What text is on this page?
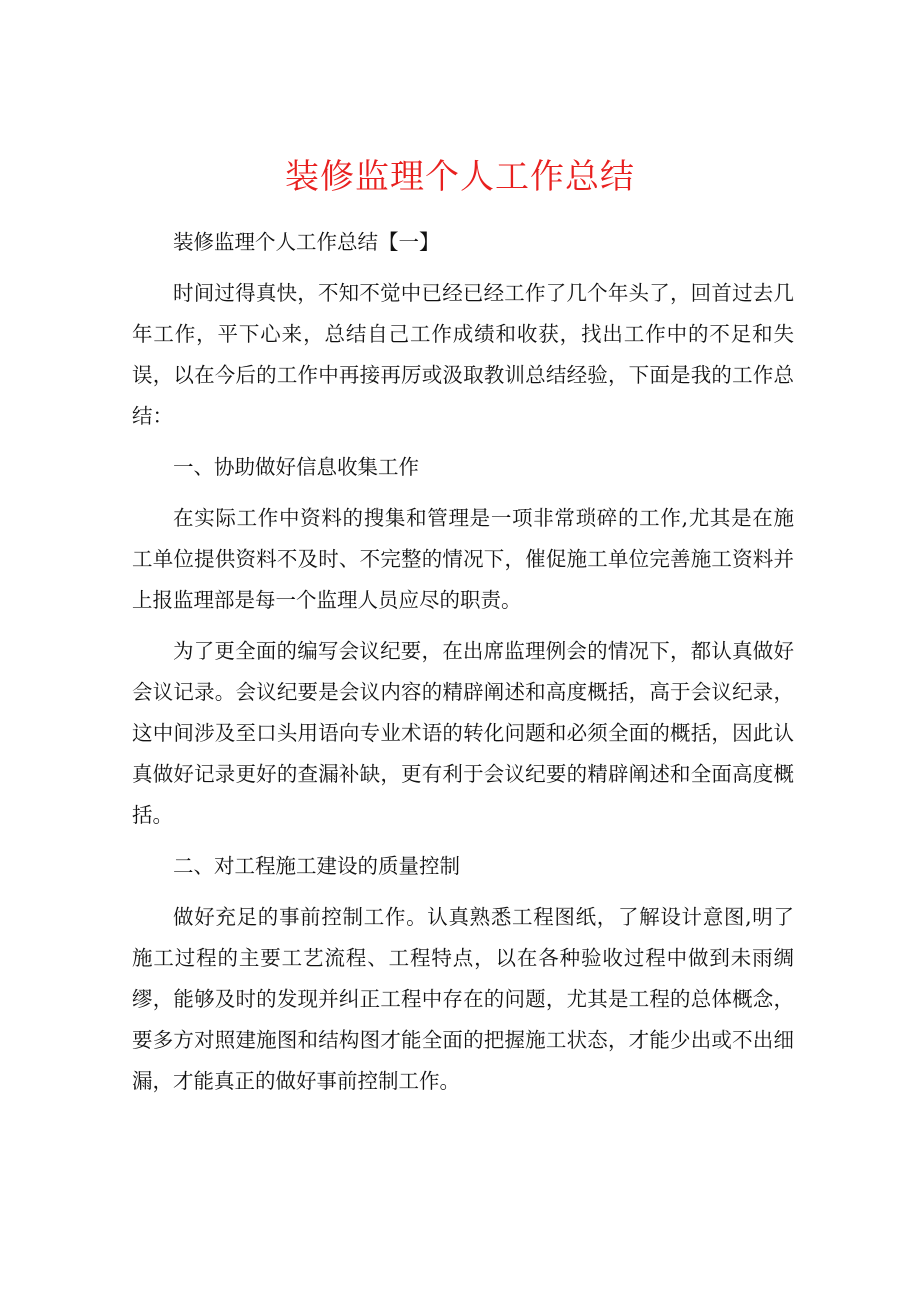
装修监理个人工作总结

装修监理个人工作总结【一】

时间过得真快，不知不觉中已经已经工作了几个年头了，回首过去几年工作，平下心来，总结自己工作成绩和收获，找出工作中的不足和失误，以在今后的工作中再接再厉或汲取教训总结经验，下面是我的工作总结：

一、协助做好信息收集工作

在实际工作中资料的搜集和管理是一项非常琐碎的工作,尤其是在施工单位提供资料不及时、不完整的情况下，催促施工单位完善施工资料并上报监理部是每一个监理人员应尽的职责。

为了更全面的编写会议纪要，在出席监理例会的情况下，都认真做好会议记录。会议纪要是会议内容的精辟阐述和高度概括，高于会议纪录，这中间涉及至口头用语向专业术语的转化问题和必须全面的概括，因此认真做好记录更好的查漏补缺，更有利于会议纪要的精辟阐述和全面高度概括。

二、对工程施工建设的质量控制

做好充足的事前控制工作。认真熟悉工程图纸，了解设计意图,明了施工过程的主要工艺流程、工程特点，以在各种验收过程中做到未雨绸缪，能够及时的发现并纠正工程中存在的问题，尤其是工程的总体概念，要多方对照建施图和结构图才能全面的把握施工状态，才能少出或不出细漏，才能真正的做好事前控制工作。
